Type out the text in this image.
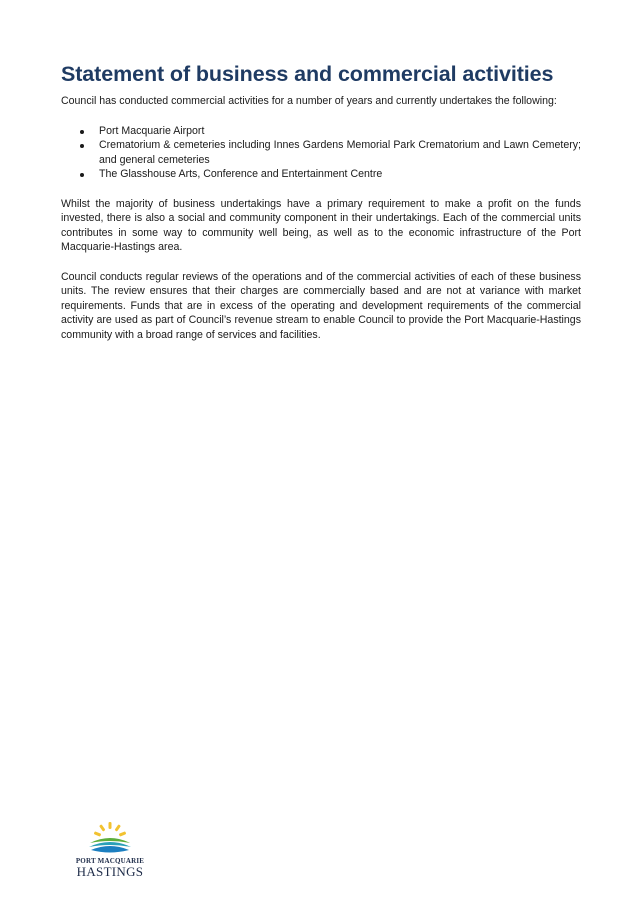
Statement of business and commercial activities

Council has conducted commercial activities for a number of years and currently undertakes the following:

Port Macquarie Airport
Crematorium & cemeteries including Innes Gardens Memorial Park Crematorium and Lawn Cemetery; and general cemeteries
The Glasshouse Arts, Conference and Entertainment Centre

Whilst the majority of business undertakings have a primary requirement to make a profit on the funds invested, there is also a social and community component in their undertakings. Each of the commercial units contributes in some way to community well being, as well as to the economic infrastructure of the Port Macquarie-Hastings area.

Council conducts regular reviews of the operations and of the commercial activities of each of these business units. The review ensures that their charges are commercially based and are not at variance with market requirements. Funds that are in excess of the operating and development requirements of the commercial activity are used as part of Council’s revenue stream to enable Council to provide the Port Macquarie-Hastings community with a broad range of services and facilities.

PORT MACQUARIE
HASTINGS
